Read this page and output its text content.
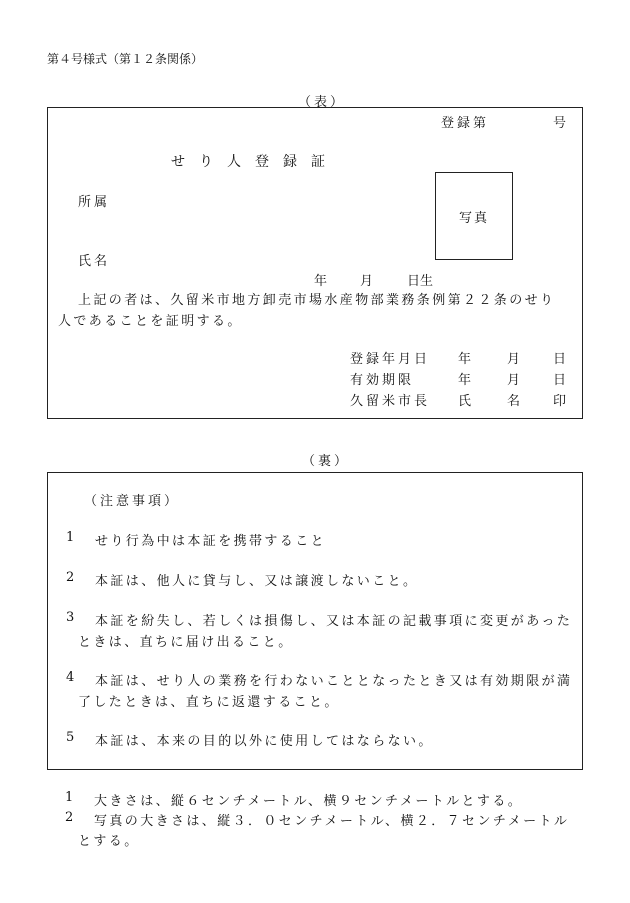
第４号様式（第１２条関係）
（表）
登録第	号
せ　り　人　登　録　証
所属
写真
氏名
年	月	日生
上記の者は、久留米市地方卸売市場水産物部業務条例第２２条のせり
人であることを証明する。
登録年月日 年	月	日
有効期限	年	月	日
久留米市長 氏	名	印
（裏）
（注意事項）
1 せり行為中は本証を携帯すること
2 本証は、他人に貸与し、又は譲渡しないこと。
3 本証を紛失し、若しくは損傷し、又は本証の記載事項に変更があった
ときは、直ちに届け出ること。
4 本証は、せり人の業務を行わないこととなったとき又は有効期限が満
了したときは、直ちに返還すること。
5 本証は、本来の目的以外に使用してはならない。
1 大きさは、縦６センチメートル、横９センチメートルとする。
2 写真の大きさは、縦３．０センチメートル、横２．７センチメートル
とする。
